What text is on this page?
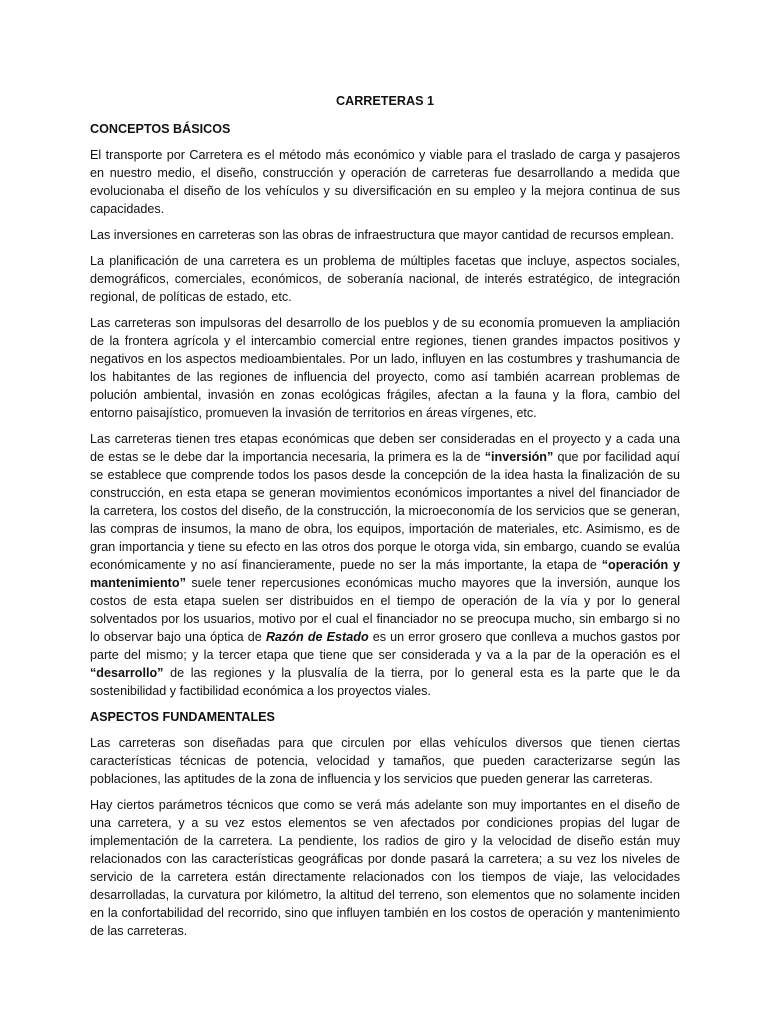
CARRETERAS 1
CONCEPTOS BÁSICOS

El transporte por Carretera es el método más económico y viable para el traslado de carga y pasajeros en nuestro medio, el diseño, construcción y operación de carreteras fue desarrollando a medida que evolucionaba el diseño de los vehículos y su diversificación en su empleo y la mejora continua de sus capacidades.

Las inversiones en carreteras son las obras de infraestructura que mayor cantidad de recursos emplean.

La planificación de una carretera es un problema de múltiples facetas que incluye, aspectos sociales, demográficos, comerciales, económicos, de soberanía nacional, de interés estratégico, de integración regional, de políticas de estado, etc.

Las carreteras son impulsoras del desarrollo de los pueblos y de su economía promueven la ampliación de la frontera agrícola y el intercambio comercial entre regiones, tienen grandes impactos positivos y negativos en los aspectos medioambientales. Por un lado, influyen en las costumbres y trashumancia de los habitantes de las regiones de influencia del proyecto, como así también acarrean problemas de polución ambiental, invasión en zonas ecológicas frágiles, afectan a la fauna y la flora, cambio del entorno paisajístico, promueven la invasión de territorios en áreas vírgenes, etc.

Las carreteras tienen tres etapas económicas que deben ser consideradas en el proyecto y a cada una de estas se le debe dar la importancia necesaria, la primera es la de “inversión” que por facilidad aquí se establece que comprende todos los pasos desde la concepción de la idea hasta la finalización de su construcción, en esta etapa se generan movimientos económicos importantes a nivel del financiador de la carretera, los costos del diseño, de la construcción, la microeconomía de los servicios que se generan, las compras de insumos, la mano de obra, los equipos, importación de materiales, etc. Asimismo, es de gran importancia y tiene su efecto en las otros dos porque le otorga vida, sin embargo, cuando se evalúa económicamente y no así financieramente, puede no ser la más importante, la etapa de “operación y mantenimiento” suele tener repercusiones económicas mucho mayores que la inversión, aunque los costos de esta etapa suelen ser distribuidos en el tiempo de operación de la vía y por lo general solventados por los usuarios, motivo por el cual el financiador no se preocupa mucho, sin embargo si no lo observar bajo una óptica de Razón de Estado es un error grosero que conlleva a muchos gastos por parte del mismo; y la tercer etapa que tiene que ser considerada y va a la par de la operación es el “desarrollo” de las regiones y la plusvalía de la tierra, por lo general esta es la parte que le da sostenibilidad y factibilidad económica a los proyectos viales.

ASPECTOS FUNDAMENTALES

Las carreteras son diseñadas para que circulen por ellas vehículos diversos que tienen ciertas características técnicas de potencia, velocidad y tamaños, que pueden caracterizarse según las poblaciones, las aptitudes de la zona de influencia y los servicios que pueden generar las carreteras.

Hay ciertos parámetros técnicos que como se verá más adelante son muy importantes en el diseño de una carretera, y a su vez estos elementos se ven afectados por condiciones propias del lugar de implementación de la carretera. La pendiente, los radios de giro y la velocidad de diseño están muy relacionados con las características geográficas por donde pasará la carretera; a su vez los niveles de servicio de la carretera están directamente relacionados con los tiempos de viaje, las velocidades desarrolladas, la curvatura por kilómetro, la altitud del terreno, son elementos que no solamente inciden en la confortabilidad del recorrido, sino que influyen también en los costos de operación y mantenimiento de las carreteras.
